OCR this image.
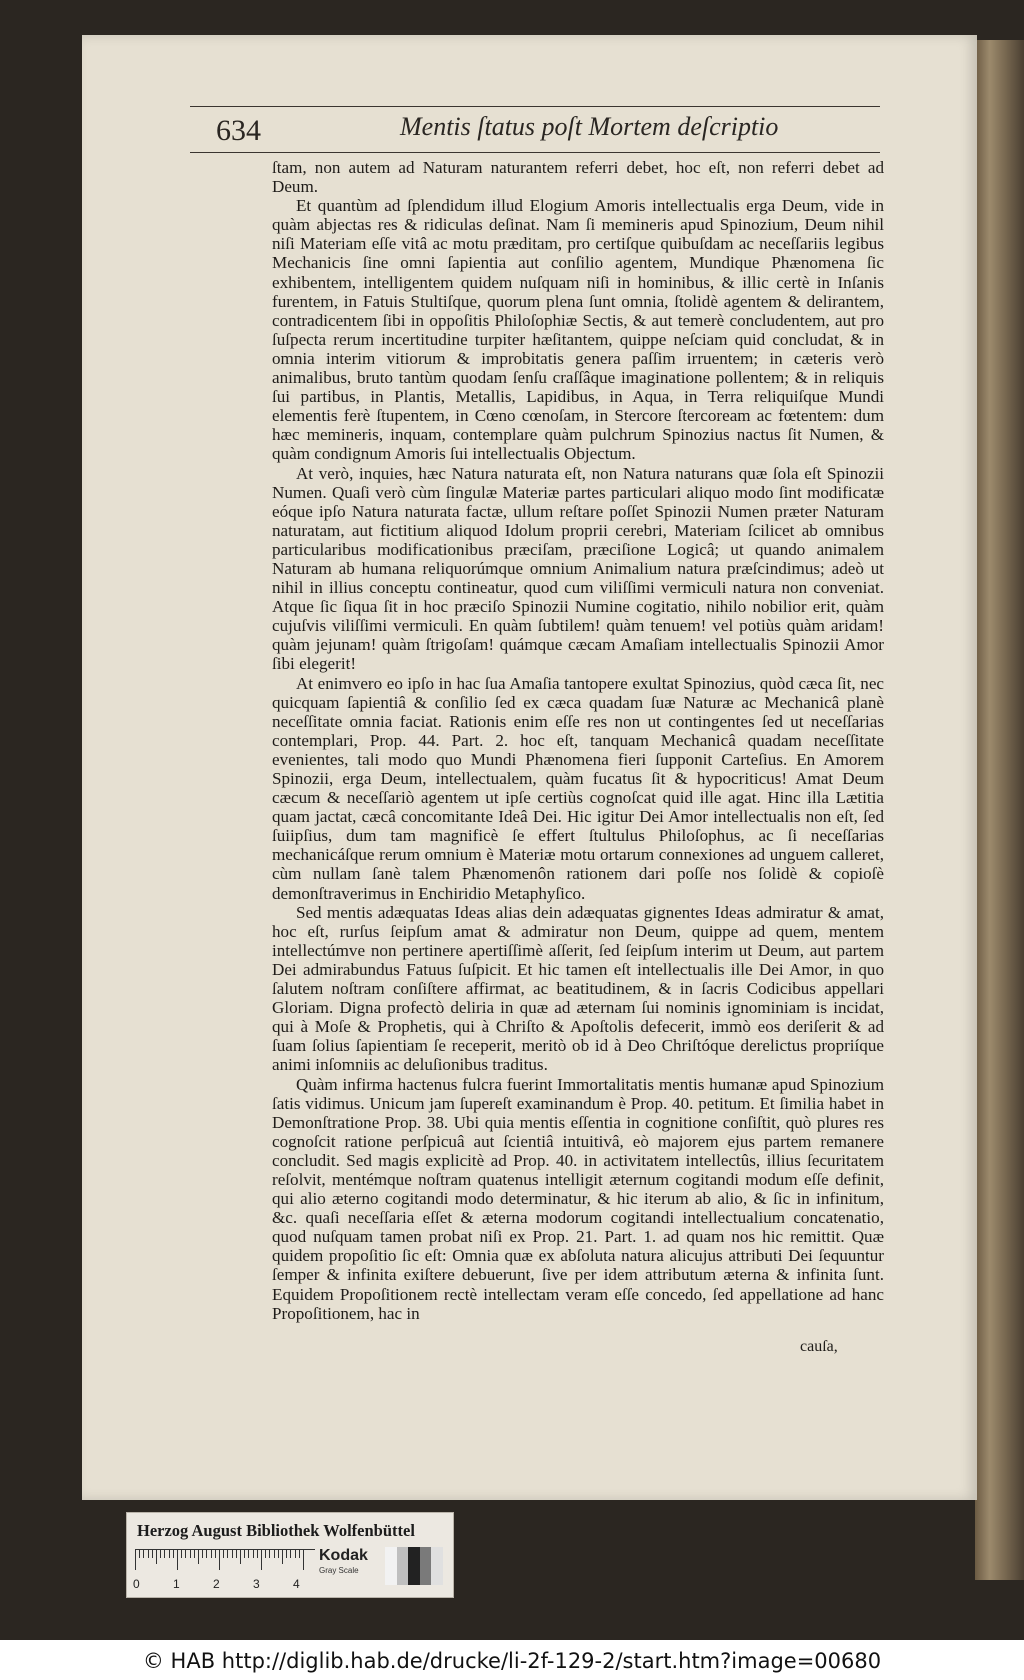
634	Mentis ſtatus poſt Mortem deſcriptio

ſtam, non autem ad Naturam naturantem referri debet, hoc eſt, non referri debet ad Deum.

Et quantùm ad ſplendidum illud Elogium Amoris intellectualis erga Deum, vide in quàm abjectas res & ridiculas deſinat. Nam ſi memineris apud Spinozium, Deum nihil niſi Materiam eſſe vitâ ac motu præditam, pro certiſque quibuſdam ac neceſſariis legibus Mechanicis ſine omni ſapientia aut conſilio agentem, Mundique Phænomena ſic exhibentem, intelligentem quidem nuſquam niſi in hominibus, & illic certè in Inſanis furentem, in Fatuis Stultiſque, quorum plena ſunt omnia, ſtolidè agentem & delirantem, contradicentem ſibi in oppoſitis Philoſophiæ Sectis, & aut temerè concludentem, aut pro ſuſpecta rerum incertitudine turpiter hæſitantem, quippe neſciam quid concludat, & in omnia interim vitiorum & improbitatis genera paſſim irruentem; in cæteris verò animalibus, bruto tantùm quodam ſenſu craſſâque imaginatione pollentem; & in reliquis ſui partibus, in Plantis, Metallis, Lapidibus, in Aqua, in Terra reliquiſque Mundi elementis ferè ſtupentem, in Cœno cœnoſam, in Stercore ſtercoream ac fœtentem: dum hæc memineris, inquam, contemplare quàm pulchrum Spinozius nactus ſit Numen, & quàm condignum Amoris ſui intellectualis Objectum.

At verò, inquies, hæc Natura naturata eſt, non Natura naturans quæ ſola eſt Spinozii Numen. Quaſi verò cùm ſingulæ Materiæ partes particulari aliquo modo ſint modificatæ eóque ipſo Natura naturata factæ, ullum reſtare poſſet Spinozii Numen præter Naturam naturatam, aut fictitium aliquod Idolum proprii cerebri, Materiam ſcilicet ab omnibus particularibus modificationibus præciſam, præciſione Logicâ; ut quando animalem Naturam ab humana reliquorúmque omnium Animalium natura præſcindimus; adeò ut nihil in illius conceptu contineatur, quod cum viliſſimi vermiculi natura non conveniat. Atque ſic ſiqua ſit in hoc præciſo Spinozii Numine cogitatio, nihilo nobilior erit, quàm cujuſvis viliſſimi vermiculi. En quàm ſubtilem! quàm tenuem! vel potiùs quàm aridam! quàm jejunam! quàm ſtrigoſam! quámque cæcam Amaſiam intellectualis Spinozii Amor ſibi elegerit!

At enimvero eo ipſo in hac ſua Amaſia tantopere exultat Spinozius, quòd cæca ſit, nec quicquam ſapientiâ & conſilio ſed ex cæca quadam ſuæ Naturæ ac Mechanicâ planè neceſſitate omnia faciat. Rationis enim eſſe res non ut contingentes ſed ut neceſſarias contemplari, Prop. 44. Part. 2. hoc eſt, tanquam Mechanicâ quadam neceſſitate evenientes, tali modo quo Mundi Phænomena fieri ſupponit Carteſius. En Amorem Spinozii, erga Deum, intellectualem, quàm fucatus ſit & hypocriticus! Amat Deum cæcum & neceſſariò agentem ut ipſe certiùs cognoſcat quid ille agat. Hinc illa Lætitia quam jactat, cæcâ concomitante Ideâ Dei. Hic igitur Dei Amor intellectualis non eſt, ſed ſuiipſius, dum tam magnificè ſe effert ſtultulus Philoſophus, ac ſi neceſſarias mechanicáſque rerum omnium è Materiæ motu ortarum connexiones ad unguem calleret, cùm nullam ſanè talem Phænomenôn rationem dari poſſe nos ſolidè & copioſè demonſtraverimus in Enchiridio Metaphyſico.

Sed mentis adæquatas Ideas alias dein adæquatas gignentes Ideas admiratur & amat, hoc eſt, rurſus ſeipſum amat & admiratur non Deum, quippe ad quem, mentem intellectúmve non pertinere apertiſſimè aſſerit, ſed ſeipſum interim ut Deum, aut partem Dei admirabundus Fatuus ſuſpicit. Et hic tamen eſt intellectualis ille Dei Amor, in quo ſalutem noſtram conſiſtere affirmat, ac beatitudinem, & in ſacris Codicibus appellari Gloriam. Digna profectò deliria in quæ ad æternam ſui nominis ignominiam is incidat, qui à Moſe & Prophetis, qui à Chriſto & Apoſtolis defecerit, immò eos deriſerit & ad ſuam ſolius ſapientiam ſe receperit, meritò ob id à Deo Chriſtóque derelictus propriíque animi inſomniis ac deluſionibus traditus.

Quàm infirma hactenus fulcra fuerint Immortalitatis mentis humanæ apud Spinozium ſatis vidimus. Unicum jam ſupereſt examinandum è Prop. 40. petitum. Et ſimilia habet in Demonſtratione Prop. 38. Ubi quia mentis eſſentia in cognitione conſiſtit, quò plures res cognoſcit ratione perſpicuâ aut ſcientiâ intuitivâ, eò majorem ejus partem remanere concludit. Sed magis explicitè ad Prop. 40. in activitatem intellectûs, illius ſecuritatem reſolvit, mentémque noſtram quatenus intelligit æternum cogitandi modum eſſe definit, qui alio æterno cogitandi modo determinatur, & hic iterum ab alio, & ſic in infinitum, &c. quaſi neceſſaria eſſet & æterna modorum cogitandi intellectualium concatenatio, quod nuſquam tamen probat niſi ex Prop. 21. Part. 1. ad quam nos hic remittit. Quæ quidem propoſitio ſic eſt: Omnia quæ ex abſoluta natura alicujus attributi Dei ſequuntur ſemper & infinita exiſtere debuerunt, ſive per idem attributum æterna & infinita ſunt. Equidem Propoſitionem rectè intellectam veram eſſe concedo, ſed appellatione ad hanc Propoſitionem, hac in

cauſa,
Herzog August Bibliothek Wolfenbüttel
0	1	2	3	4
Kodak
Gray Scale
© HAB http://diglib.hab.de/drucke/li-2f-129-2/start.htm?image=00680
